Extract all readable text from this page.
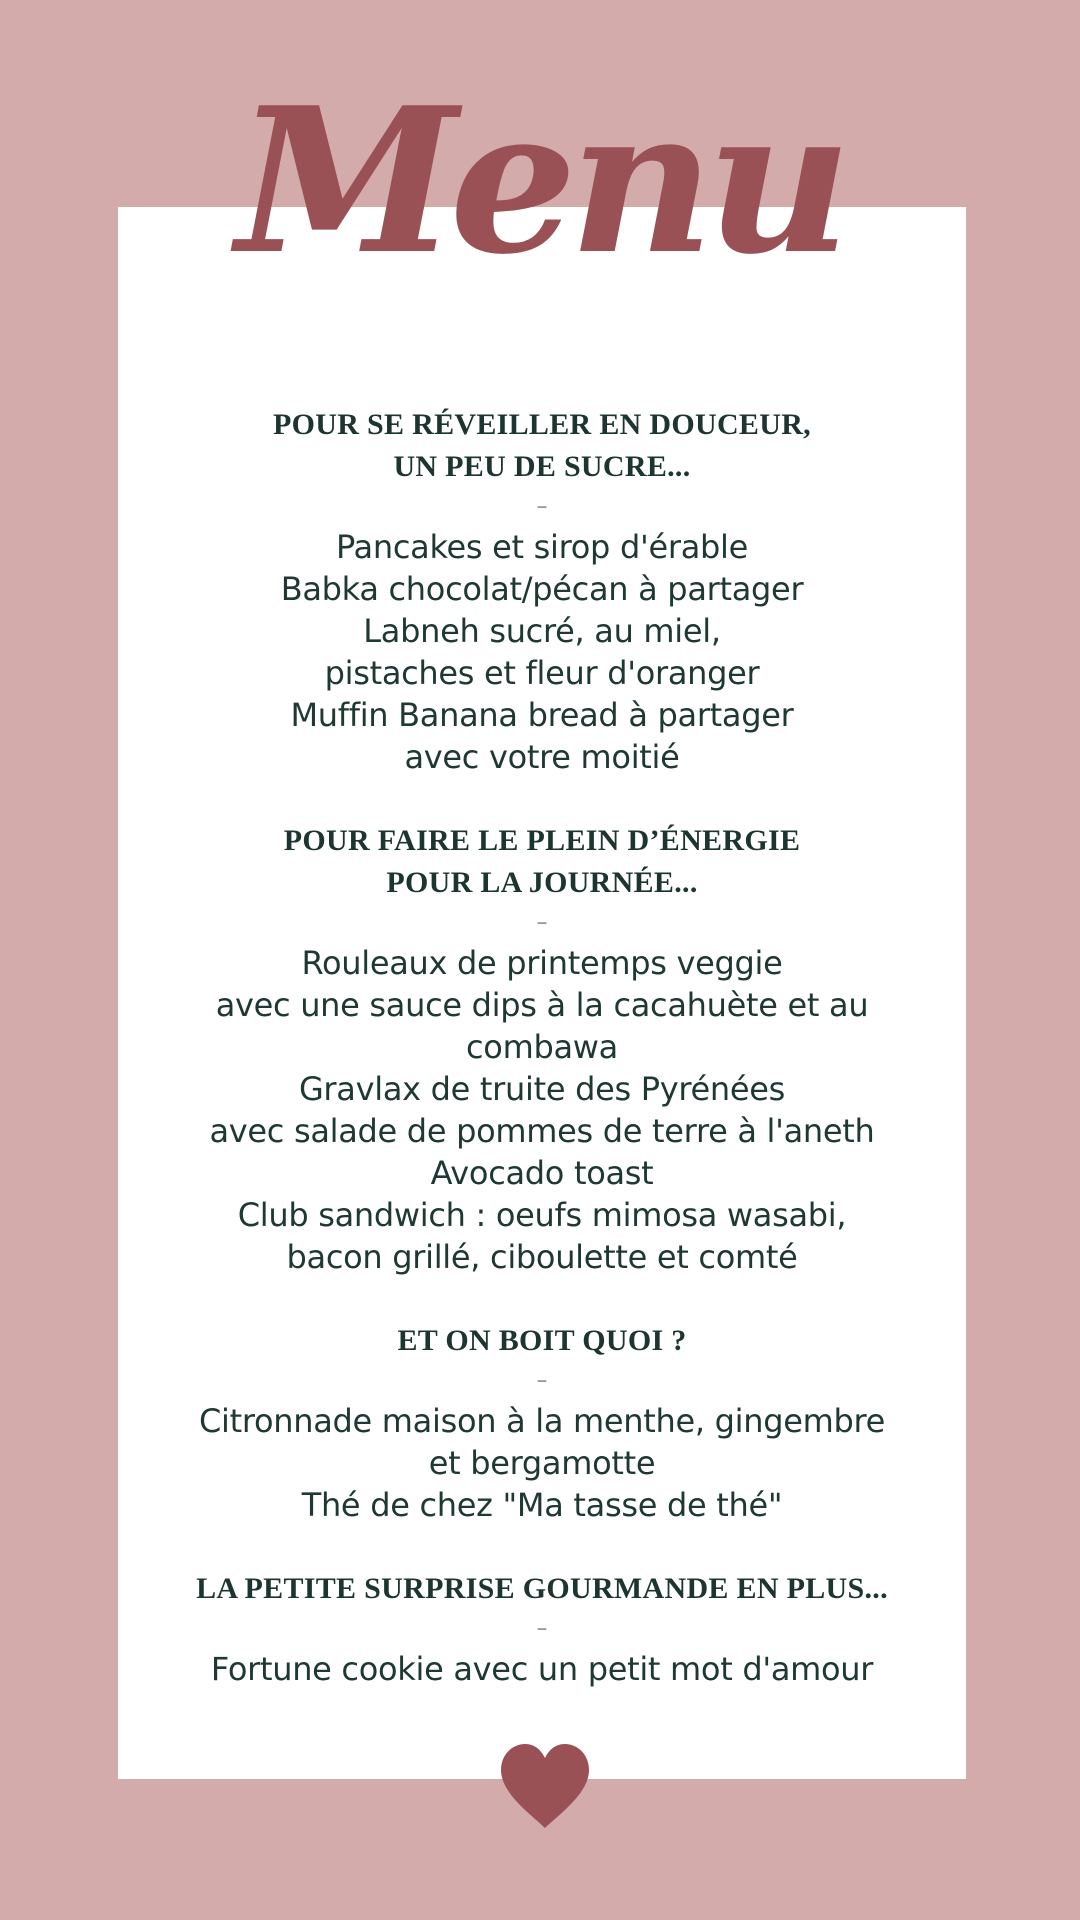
Menu

POUR SE RÉVEILLER EN DOUCEUR,
UN PEU DE SUCRE...

–
Pancakes et sirop d'érable
Babka chocolat/pécan à partager
Labneh sucré, au miel,
pistaches et fleur d'oranger
Muffin Banana bread à partager
avec votre moitié

POUR FAIRE LE PLEIN D’ÉNERGIE
POUR LA JOURNÉE...

–
Rouleaux de printemps veggie
avec une sauce dips à la cacahuète et au
combawa
Gravlax de truite des Pyrénées
avec salade de pommes de terre à l'aneth
Avocado toast
Club sandwich : oeufs mimosa wasabi,
bacon grillé, ciboulette et comté

ET ON BOIT QUOI ?

–
Citronnade maison à la menthe, gingembre
et bergamotte
Thé de chez "Ma tasse de thé"

LA PETITE SURPRISE GOURMANDE EN PLUS...

–
Fortune cookie avec un petit mot d'amour
